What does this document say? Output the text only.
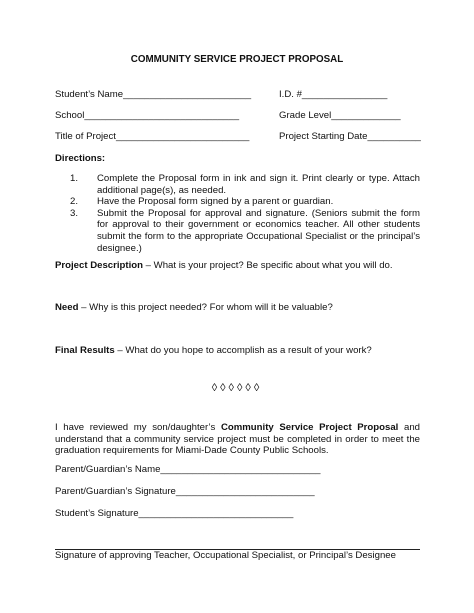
COMMUNITY SERVICE PROJECT PROPOSAL
Student’s Name________________________	I.D. #________________
School_____________________________	Grade Level_____________
Title of Project_________________________	Project Starting Date__________
Directions:
1. Complete the Proposal form in ink and sign it. Print clearly or type. Attach additional page(s), as needed.
2. Have the Proposal form signed by a parent or guardian.
3. Submit the Proposal for approval and signature. (Seniors submit the form for approval to their government or economics teacher. All other students submit the form to the appropriate Occupational Specialist or the principal’s designee.)
Project Description – What is your project? Be specific about what you will do.
Need – Why is this project needed? For whom will it be valuable?
Final Results – What do you hope to accomplish as a result of your work?
◊◊◊◊◊◊
I have reviewed my son/daughter’s Community Service Project Proposal and understand that a community service project must be completed in order to meet the graduation requirements for Miami-Dade County Public Schools.
Parent/Guardian’s Name______________________________
Parent/Guardian’s Signature__________________________
Student’s Signature_____________________________
Signature of approving Teacher, Occupational Specialist, or Principal’s Designee
